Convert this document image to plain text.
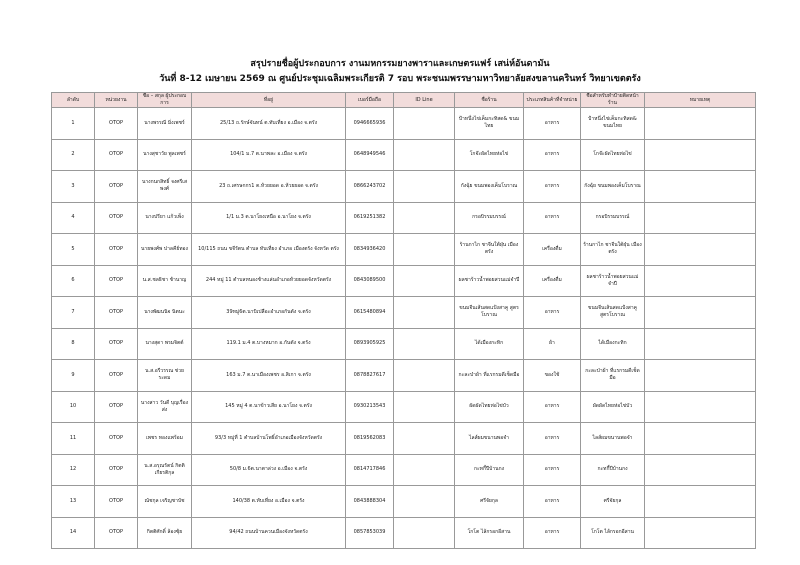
สรุปรายชื่อผู้ประกอบการ งานมหกรรมยางพาราและเกษตรแฟร์ เสน่ห์อันดามัน
วันที่ 8-12 เมษายน 2569 ณ ศูนย์ประชุมเฉลิมพระเกียรติ 7 รอบ พระชนมพรรษามหาวิทยาลัยสงขลานครินทร์ วิทยาเขตตรัง
ลำดับ	หน่วยงาน	ชื่อ – สกุล ผู้ประกอบการ	ที่อยู่	เบอร์มือถือ	ID Line	ชื่อร้าน	ประเภทสินค้าที่จำหน่าย	ชื่อสำหรับทำป้ายติดหน้าร้าน	หมายเหตุ
1	OTOP	นางพรรณี มิ่งเพชร์	25/13 ถ.รักษ์จันทน์ ต.ทับเที่ยง อ.เมือง จ.ตรัง	0946665936		ป้าหนึ่งไข่เค็มกะทิสด& ขนมไทย	อาหาร	ป้าหนึ่งไข่เค็มกะทิสด& ขนมไทย	
2	OTOP	นางสุชาวัย พูลเพชร์	104/1 ม.7 ต.นาพละ อ.เมือง จ.ตรัง	0648949546		โกจ๊ะผัดไทยห่อไข่	อาหาร	โกจ๊ะผัดไทยห่อไข่	
3	OTOP	นางกนกสิทธิ์ จงศรีเสพงศ์	23 ถ.เศรษกกร1 ต.ห้วยยอด อ.ห้วยยอด จ.ตรัง	0866243702		กังฉุ้ย ขนมพองเค็มโบราณ	อาหาร	กังฉุ้ย ขนมพองเค็มโบราณ	
4	OTOP	นางปรียา แก้วเพ็ง	1/1 ม.3 ต.นาโยงเหนือ อ.นาโยง จ.ตรัง	0619251382		กรอบิรรมบรรณ์	อาหาร	กรอบิรรมบรรณ์	
5	OTOP	นายพงศ์พ ปาลคีย์ทอง	10/115 ถนน ขจีรัตน ตำบล ทับเที่ยง อำเภอ เมืองตรัง จังหวัด ตรัง	0834936420		ร้านกาไก ชาจีนใต้ฝุ่น เมืองตรัง	เครื่องดื่ม	ร้านกาไก ชาจีนใต้ฝุ่น เมืองตรัง	
6	OTOP	น.ส.ชลธิชา ช้านาญ	244 หมู่ 11 ตำบลหนองช้างแล่นอำเภอห้วยยอดจังหวัดตรัง	0843089500		ผลชาร้าวน้ำพอยสวนแม่จำปี	เครื่องดื่ม	ผลชาร้าวน้ำพอยสวนแม่จำปี	
7	OTOP	นางพัฒนนิจ นิตนะ	39หมู่6ต.นาบิเปลือะอำเภอกันตัง จ.ตรัง	0615480894		ขนมจีนเส้นสดแป้งสาคู สูตรโบราณ	อาหาร	ขนมจีนเส้นสดแป้งสาคู สูตรโบราณ	
8	OTOP	นางสุดา พรมจิตต์	119.1 ม.4 ต.บางหมาก อ.กันตัง จ.ตรัง	0893905925		ได้เมืองกะทิก	ผ้า	ได้เมืองกะทิก	
9	OTOP	น.ส.อรีวรรณ ช่วยระดม	163 ม.7 ต.นาเมืองเพชร อ.สิเกา จ.ตรัง	0878827617		กะละป่าผ้า ที่แรกรมดีเช็ดมือ	ของใช้	กะละป่าผ้า ที่แรกรมดีเช็ดมือ	
10	OTOP	นางสาว วันดี บุญเรื่องส่ง	145 หมู่ 4 ต.นาข้าวเสีย อ.นาโยง จ.ตรัง	0930213543		ผัดผัดไทยห่อไข่บัว	อาหาร	ผัดผัดไทยห่อไข่บัว	
11	OTOP	เพชร ทองแพร้อม	93/3 หมู่ที่ 1 ตำบลบ้านโพธิ์อำเภอเมืองจังหวัดตรัง	0819562083		ไลส์ผมขนานพอจำ	อาหาร	ไลส์ผมขนานพอจำ	
12	OTOP	น.ส.อรุณรัตน์ กิตติเกียรติกุล	50/8 ม.6ต.นาตาล่วง อ.เมือง จ.ตรัง	0814717846		กะทกี้ปีบ้านกง	อาหาร	กะทกี้ปีบ้านกง	
13	OTOP	ณัชกุล เจริญชาบัช	140/38 ต.ทับเที่ยง อ.เมือง จ.ตรัง	0843888304		ศรีจัยกุล	อาหาร	ศรีจัยกุล	
14	OTOP	กิตติศักดิ์ ล้องซุ้ย	94/42 ถนนบ้านควนเมืองจังหวัดตรัง	0857853039		โกโต ไล้กรอกอีสาน	อาหาร	โกโต ไล้กรอกอีสาน	
